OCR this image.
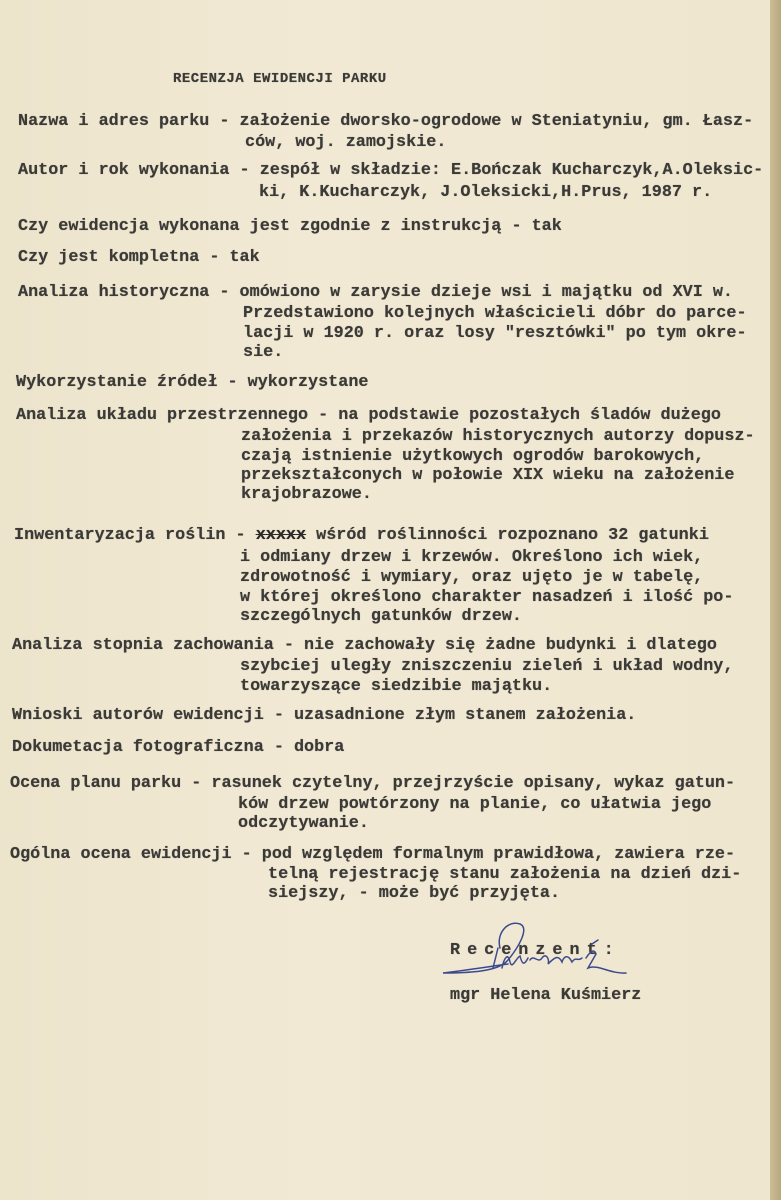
RECENZJA EWIDENCJI PARKU
Nazwa i adres parku - założenie dworsko-ogrodowe w Steniatyniu, gm. Łasz-
ców, woj. zamojskie.
Autor i rok wykonania - zespół w składzie: E.Bończak Kucharczyk,A.Oleksic-
ki, K.Kucharczyk, J.Oleksicki,H.Prus, 1987 r.
Czy ewidencja wykonana jest zgodnie z instrukcją - tak
Czy jest kompletna - tak
Analiza historyczna - omówiono w zarysie dzieje wsi i majątku od XVI w.
Przedstawiono kolejnych właścicieli dóbr do parce-
lacji w 1920 r. oraz losy "resztówki" po tym okre-
sie.
Wykorzystanie źródeł - wykorzystane
Analiza układu przestrzennego - na podstawie pozostałych śladów dużego
założenia i przekazów historycznych autorzy dopusz-
czają istnienie użytkowych ogrodów barokowych,
przekształconych w połowie XIX wieku na założenie
krajobrazowe.
Inwentaryzacja roślin - xxxxx wśród roślinności rozpoznano 32 gatunki
i odmiany drzew i krzewów. Określono ich wiek,
zdrowotność i wymiary, oraz ujęto je w tabelę,
w której określono charakter nasadzeń i ilość po-
szczególnych gatunków drzew.
Analiza stopnia zachowania - nie zachowały się żadne budynki i dlatego
szybciej uległy zniszczeniu zieleń i układ wodny,
towarzyszące siedzibie majątku.
Wnioski autorów ewidencji - uzasadnione złym stanem założenia.
Dokumetacja fotograficzna - dobra
Ocena planu parku - rasunek czytelny, przejrzyście opisany, wykaz gatun-
ków drzew powtórzony na planie, co ułatwia jego
odczytywanie.
Ogólna ocena ewidencji - pod względem formalnym prawidłowa, zawiera rze-
telną rejestrację stanu założenia na dzień dzi-
siejszy, - może być przyjęta.
Recenzent:
mgr Helena Kuśmierz
